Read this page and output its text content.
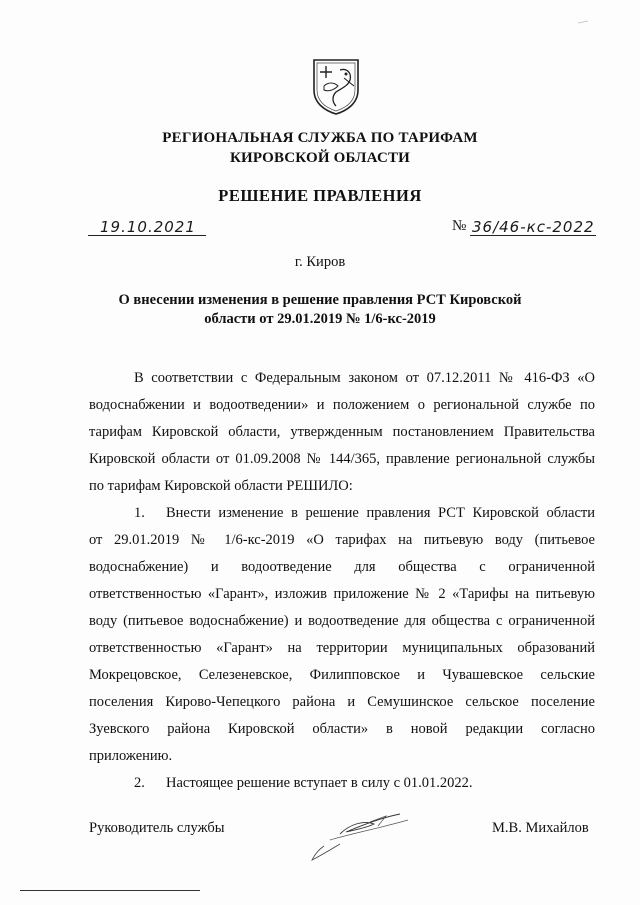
РЕГИОНАЛЬНАЯ СЛУЖБА ПО ТАРИФАМ
КИРОВСКОЙ ОБЛАСТИ
РЕШЕНИЕ ПРАВЛЕНИЯ
19.10.2021	№ 36/46-кс-2022
г. Киров
О внесении изменения в решение правления РСТ Кировской
области от 29.01.2019 № 1/6-кс-2019
В соответствии с Федеральным законом от 07.12.2011 № 416-ФЗ «О
водоснабжении и водоотведении» и положением о региональной службе по
тарифам Кировской области, утвержденным постановлением Правительства
Кировской области от 01.09.2008 № 144/365, правление региональной службы
по тарифам Кировской области РЕШИЛО:
1.	Внести изменение в решение правления РСТ Кировской области
от 29.01.2019 № 1/6-кс-2019 «О тарифах на питьевую воду (питьевое
водоснабжение) и водоотведение для общества с ограниченной
ответственностью «Гарант», изложив приложение № 2 «Тарифы на питьевую
воду (питьевое водоснабжение) и водоотведение для общества с ограниченной
ответственностью «Гарант» на территории муниципальных образований
Мокрецовское, Селезеневское, Филипповское и Чувашевское сельские
поселения Кирово-Чепецкого района и Семушинское сельское поселение
Зуевского района Кировской области» в новой редакции согласно
приложению.
2.	Настоящее решение вступает в силу с 01.01.2022.
Руководитель службы	М.В. Михайлов
